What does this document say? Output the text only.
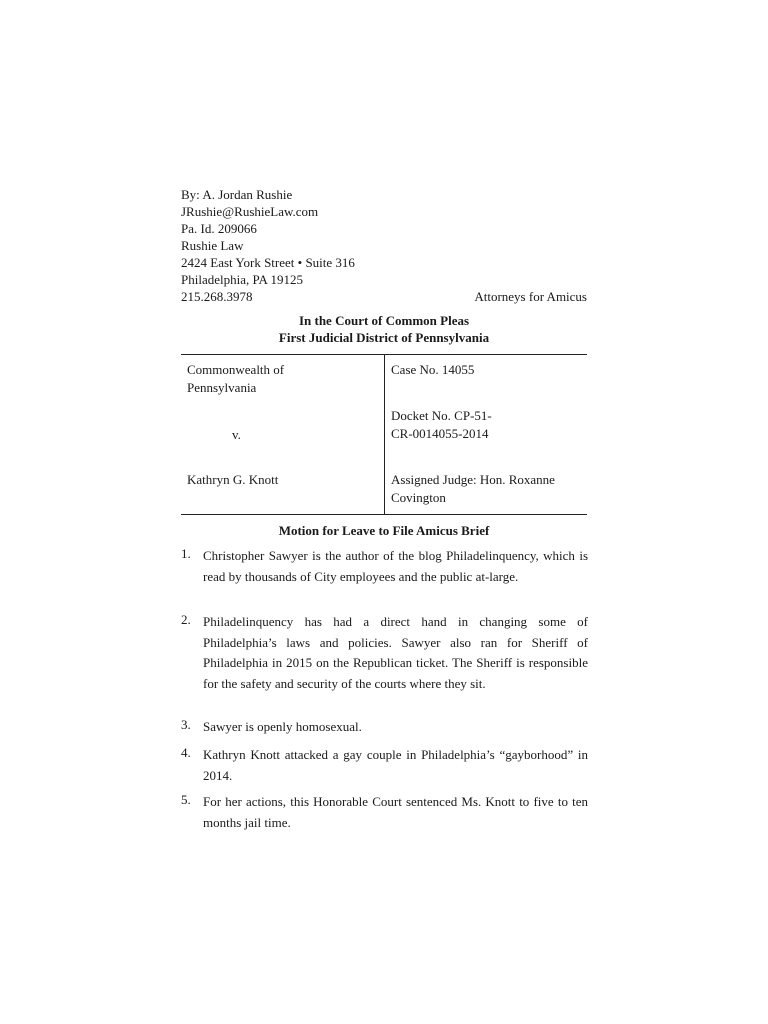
By: A. Jordan Rushie
JRushie@RushieLaw.com
Pa. Id. 209066
Rushie Law
2424 East York Street • Suite 316
Philadelphia, PA 19125
215.268.3978	Attorneys for Amicus
In the Court of Common Pleas
First Judicial District of Pennsylvania
Commonwealth of
Pennsylvania
v.
Kathryn G. Knott
Case No. 14055
Docket No. CP-51-
CR-0014055-2014
Assigned Judge: Hon. Roxanne
Covington
Motion for Leave to File Amicus Brief
1. Christopher Sawyer is the author of the blog Philadelinquency, which is read by thousands of City employees and the public at-large.
2. Philadelinquency has had a direct hand in changing some of Philadelphia’s laws and policies. Sawyer also ran for Sheriff of Philadelphia in 2015 on the Republican ticket. The Sheriff is responsible for the safety and security of the courts where they sit.
3. Sawyer is openly homosexual.
4. Kathryn Knott attacked a gay couple in Philadelphia’s “gayborhood” in 2014.
5. For her actions, this Honorable Court sentenced Ms. Knott to five to ten months jail time.
